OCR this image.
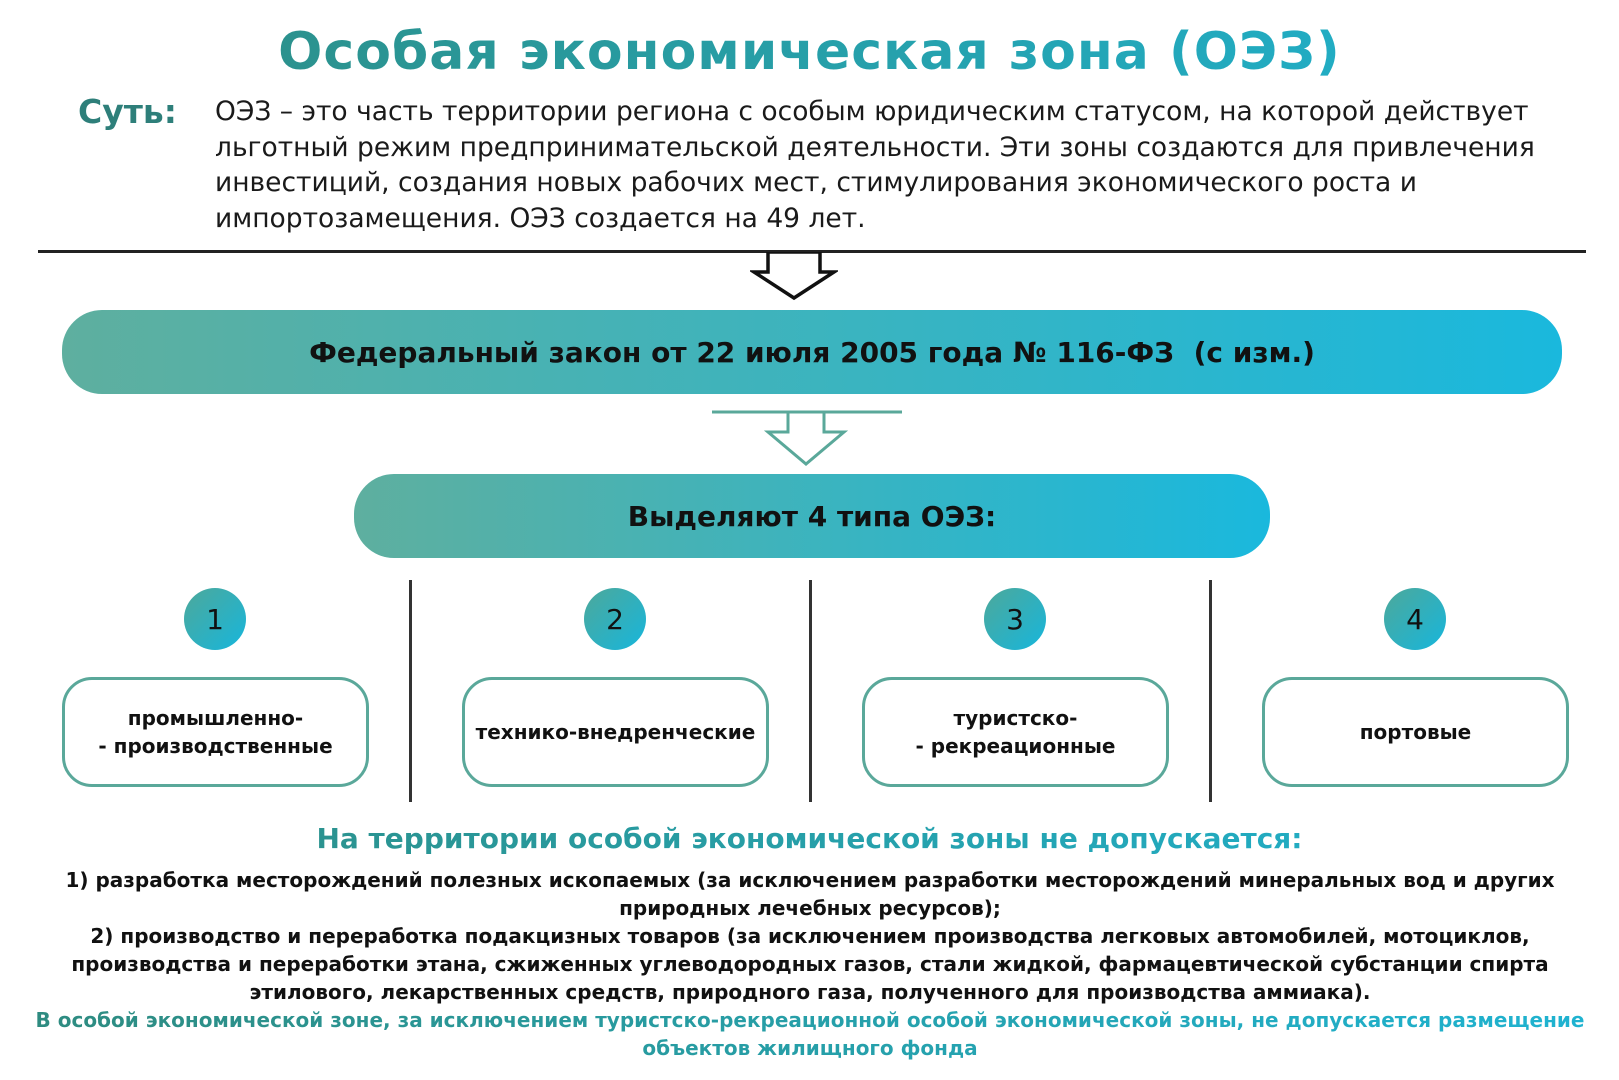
Особая экономическая зона (ОЭЗ)
Суть: ОЭЗ – это часть территории региона с особым юридическим статусом, на которой действует льготный режим предпринимательской деятельности. Эти зоны создаются для привлечения инвестиций, создания новых рабочих мест, стимулирования экономического роста и импортозамещения. ОЭЗ создается на 49 лет.

Федеральный закон от 22 июля 2005 года № 116-ФЗ  (с изм.)
Выделяют 4 типа ОЭЗ:
1	2	3	4
промышленно-
- производственные
технико-внедренческие
туристско-
- рекреационные
портовые
На территории особой экономической зоны не допускается:

1) разработка месторождений полезных ископаемых (за исключением разработки месторождений минеральных вод и других природных лечебных ресурсов);

2) производство и переработка подакцизных товаров (за исключением производства легковых автомобилей, мотоциклов, производства и переработки этана, сжиженных углеводородных газов, стали жидкой, фармацевтической субстанции спирта этилового, лекарственных средств, природного газа, полученного для производства аммиака).

В особой экономической зоне, за исключением туристско-рекреационной особой экономической зоны, не допускается размещение объектов жилищного фонда
